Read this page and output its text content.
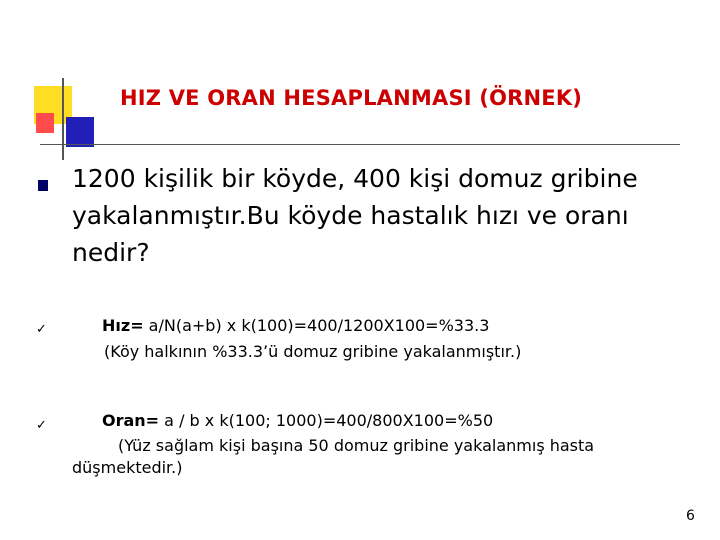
HIZ VE ORAN HESAPLANMASI (ÖRNEK)
1200 kişilik bir köyde, 400 kişi domuz gribine yakalanmıştır.Bu köyde hastalık hızı ve oranı nedir?
✓	Hız= a/N(a+b) x k(100)=400/1200X100=%33.3
(Köy halkının %33.3’ü domuz gribine yakalanmıştır.)
✓	Oran= a / b x k(100; 1000)=400/800X100=%50
(Yüz sağlam kişi başına 50 domuz gribine yakalanmış hasta
düşmektedir.)
6
